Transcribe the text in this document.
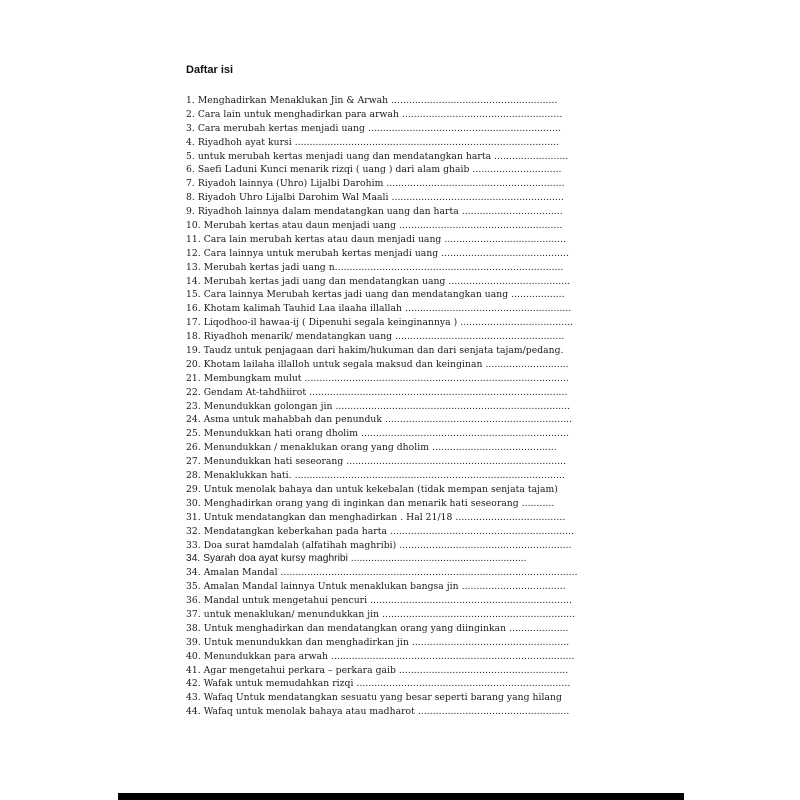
Daftar isi
1. Menghadirkan Menaklukan Jin & Arwah ........................................................
2. Cara lain untuk menghadirkan para arwah ......................................................
3. Cara merubah kertas menjadi uang .................................................................
4. Riyadhoh ayat kursi .........................................................................................
5. untuk merubah kertas menjadi uang dan mendatangkan harta .........................
6. Saefi Laduni Kunci menarik rizqi ( uang ) dari alam ghaib ..............................
7. Riyadoh lainnya (Uhro) Lijalbi Darohim ............................................................
8. Riyadoh Uhro Lijalbi Darohim Wal Maali ..........................................................
9. Riyadhoh lainnya dalam mendatangkan uang dan harta ..................................
10. Merubah kertas atau daun menjadi uang .......................................................
11. Cara lain merubah kertas atau daun menjadi uang .........................................
12. Cara lainnya untuk merubah kertas menjadi uang ...........................................
13. Merubah kertas jadi uang n.............................................................................
14. Merubah kertas jadi uang dan mendatangkan uang .........................................
15. Cara lainnya Merubah kertas jadi uang dan mendatangkan uang ..................
16. Khotam kalimah Tauhid Laa ilaaha illallah ........................................................
17. Liqodhoo-il hawaa-ij ( Dipenuhi segala keinginannya ) ......................................
18. Riyadhoh menarik/ mendatangkan uang .........................................................
19. Taudz untuk penjagaan dari hakim/hukuman dan dari senjata tajam/pedang.
20. Khotam lailaha illalloh untuk segala maksud dan keinginan ............................
21. Membungkam mulut .........................................................................................
22. Gendam At-tahdhiirot .......................................................................................
23. Menundukkan golongan jin ...............................................................................
24. Asma untuk mahabbah dan penunduk ...............................................................
25. Menundukkan hati orang dholim ......................................................................
26. Menundukkan / menaklukan orang yang dholim ..........................................
27. Menundukkan hati seseorang ..........................................................................
28. Menaklukkan hati. ...........................................................................................
29. Untuk menolak bahaya dan untuk kekebalan (tidak mempan senjata tajam)
30. Menghadirkan orang yang di inginkan dan menarik hati seseorang ...........
31. Untuk mendatangkan dan menghadirkan . Hal 21/18 .....................................
32. Mendatangkan keberkahan pada harta ..............................................................
33. Doa surat hamdalah (alfatihah maghribi) ..........................................................
34. Syarah doa ayat kursy maghribi .............................................................
34. Amalan Mandal ....................................................................................................
35. Amalan Mandal lainnya Untuk menaklukan bangsa jin ...................................
36. Mandal untuk mengetahui pencuri ....................................................................
37. untuk menaklukan/ menundukkan jin .................................................................
38. Untuk menghadirkan dan mendatangkan orang yang diinginkan ....................
39. Untuk menundukkan dan menghadirkan jin .....................................................
40. Menundukkan para arwah ..................................................................................
41. Agar mengetahui perkara – perkara gaib .........................................................
42. Wafak untuk memudahkan rizqi ........................................................................
43. Wafaq Untuk mendatangkan sesuatu yang besar seperti barang yang hilang
44. Wafaq untuk menolak bahaya atau madharot ...................................................
